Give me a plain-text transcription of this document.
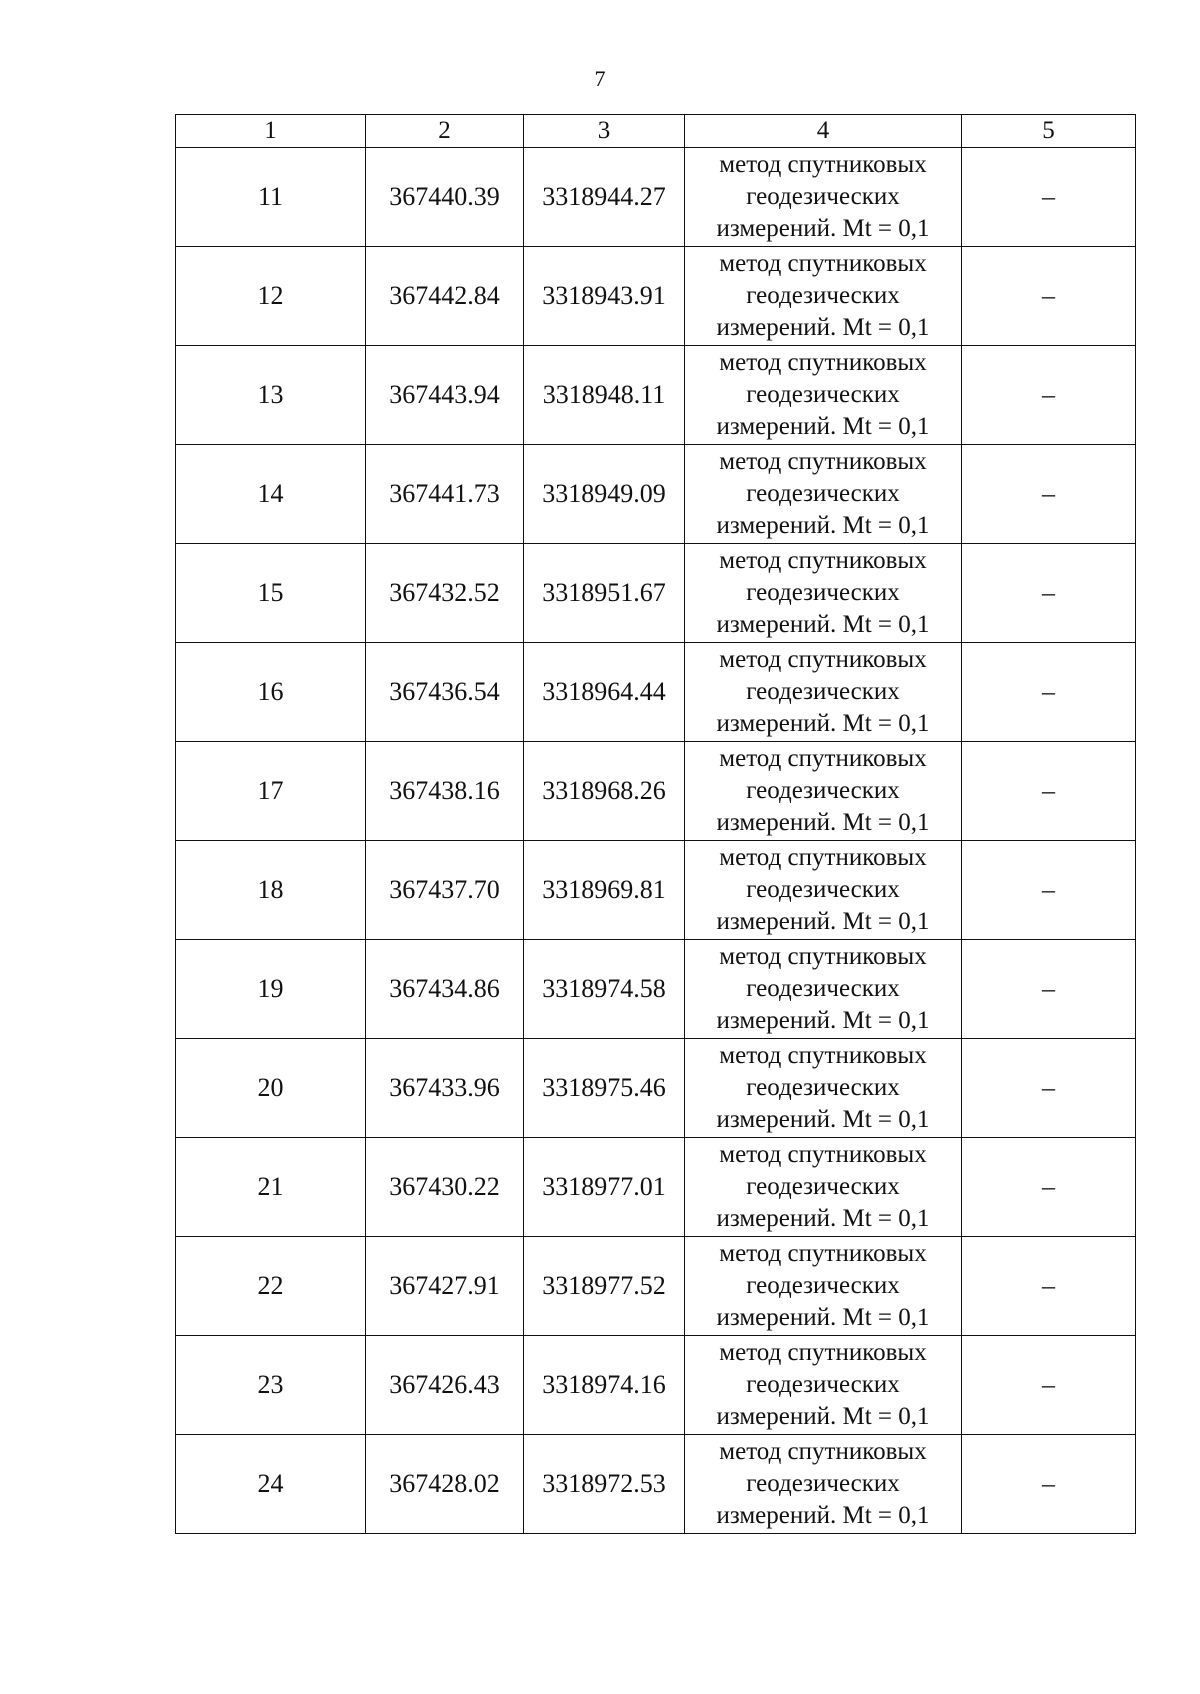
7
1	2	3	4	5
11	367440.39	3318944.27	метод спутниковых
геодезических
измерений. Mt = 0,1	–
12	367442.84	3318943.91	метод спутниковых
геодезических
измерений. Mt = 0,1	–
13	367443.94	3318948.11	метод спутниковых
геодезических
измерений. Mt = 0,1	–
14	367441.73	3318949.09	метод спутниковых
геодезических
измерений. Mt = 0,1	–
15	367432.52	3318951.67	метод спутниковых
геодезических
измерений. Mt = 0,1	–
16	367436.54	3318964.44	метод спутниковых
геодезических
измерений. Mt = 0,1	–
17	367438.16	3318968.26	метод спутниковых
геодезических
измерений. Mt = 0,1	–
18	367437.70	3318969.81	метод спутниковых
геодезических
измерений. Mt = 0,1	–
19	367434.86	3318974.58	метод спутниковых
геодезических
измерений. Mt = 0,1	–
20	367433.96	3318975.46	метод спутниковых
геодезических
измерений. Mt = 0,1	–
21	367430.22	3318977.01	метод спутниковых
геодезических
измерений. Mt = 0,1	–
22	367427.91	3318977.52	метод спутниковых
геодезических
измерений. Mt = 0,1	–
23	367426.43	3318974.16	метод спутниковых
геодезических
измерений. Mt = 0,1	–
24	367428.02	3318972.53	метод спутниковых
геодезических
измерений. Mt = 0,1	–
